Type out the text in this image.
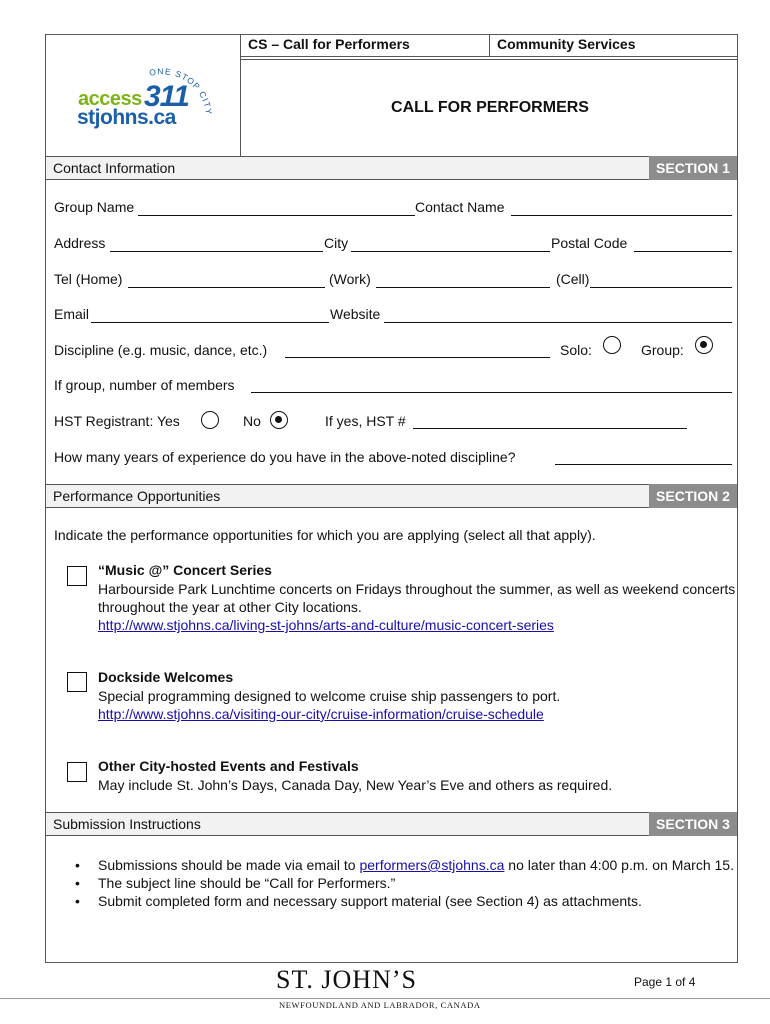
CS – Call for Performers	Community Services
CALL FOR PERFORMERS
ONE STOP CITY
access 311
stjohns.ca
Contact Information	SECTION 1
Group Name	Contact Name
Address	City	Postal Code
Tel (Home)	(Work)	(Cell)
Email	Website
Discipline (e.g. music, dance, etc.)	Solo:	Group:
If group, number of members
HST Registrant: Yes	No	If yes, HST #
How many years of experience do you have in the above-noted discipline?
Performance Opportunities	SECTION 2
Indicate the performance opportunities for which you are applying (select all that apply).
“Music @” Concert Series
Harbourside Park Lunchtime concerts on Fridays throughout the summer, as well as weekend concerts throughout the year at other City locations.
http://www.stjohns.ca/living-st-johns/arts-and-culture/music-concert-series
Dockside Welcomes
Special programming designed to welcome cruise ship passengers to port.
http://www.stjohns.ca/visiting-our-city/cruise-information/cruise-schedule
Other City-hosted Events and Festivals
May include St. John’s Days, Canada Day, New Year’s Eve and others as required.
Submission Instructions	SECTION 3
• Submissions should be made via email to performers@stjohns.ca no later than 4:00 p.m. on March 15.
• The subject line should be “Call for Performers.”
• Submit completed form and necessary support material (see Section 4) as attachments.
ST. JOHN’S
NEWFOUNDLAND AND LABRADOR, CANADA
Page 1 of 4
